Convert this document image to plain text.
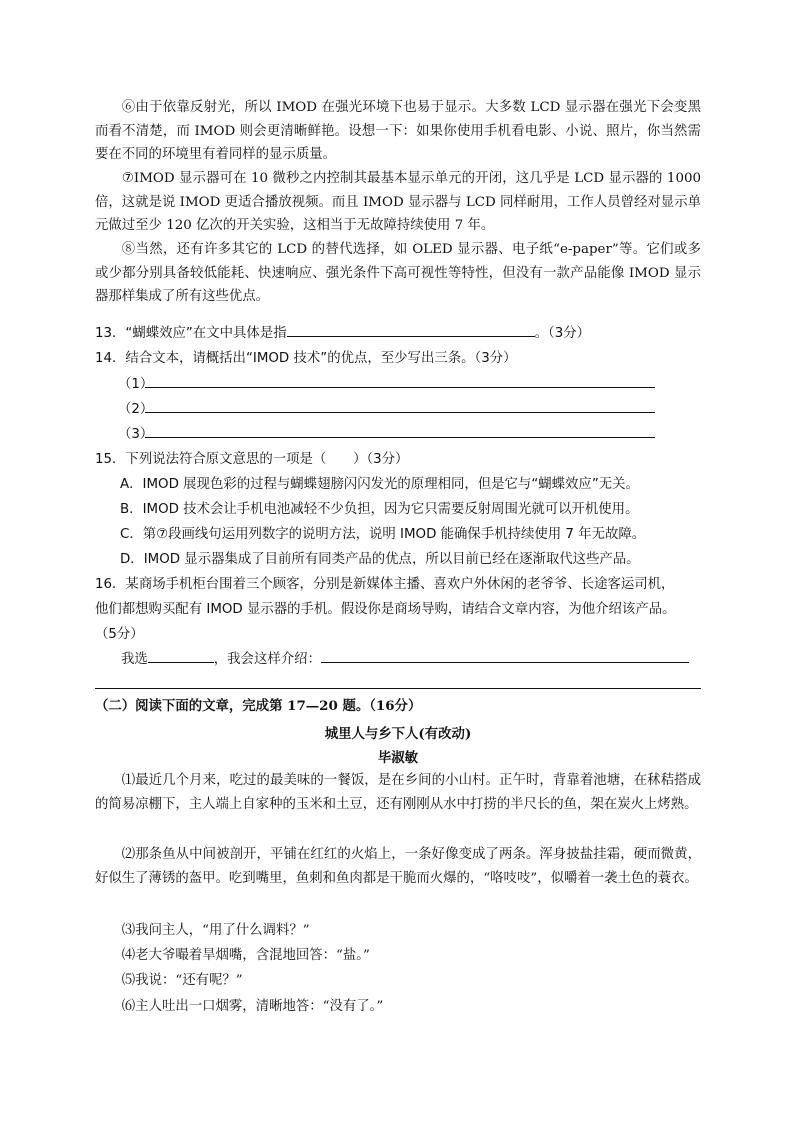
⑥由于依靠反射光，所以 IMOD 在强光环境下也易于显示。大多数 LCD 显示器在强光下会变黑而看不清楚，而 IMOD 则会更清晰鲜艳。设想一下：如果你使用手机看电影、小说、照片，你当然需要在不同的环境里有着同样的显示质量。

⑦IMOD 显示器可在 10 微秒之内控制其最基本显示单元的开闭，这几乎是 LCD 显示器的 1000 倍，这就是说 IMOD 更适合播放视频。而且 IMOD 显示器与 LCD 同样耐用，工作人员曾经对显示单元做过至少 120 亿次的开关实验，这相当于无故障持续使用 7 年。

⑧当然，还有许多其它的 LCD 的替代选择，如 OLED 显示器、电子纸“e-paper”等。它们或多或少都分别具备较低能耗、快速响应、强光条件下高可视性等特性，但没有一款产品能像 IMOD 显示器那样集成了所有这些优点。

13．“蝴蝶效应”在文中具体是指	。（3分）

14．结合文本，请概括出“IMOD 技术”的优点，至少写出三条。（3分）

（1）
（2）
（3）

15．下列说法符合原文意思的一项是（　　）（3分）

A．IMOD 展现色彩的过程与蝴蝶翅膀闪闪发光的原理相同，但是它与“蝴蝶效应”无关。

B．IMOD 技术会让手机电池减轻不少负担，因为它只需要反射周围光就可以开机使用。

C．第⑦段画线句运用列数字的说明方法，说明 IMOD 能确保手机持续使用 7 年无故障。

D．IMOD 显示器集成了目前所有同类产品的优点，所以目前已经在逐渐取代这些产品。

16．某商场手机柜台围着三个顾客，分别是新媒体主播、喜欢户外休闲的老爷爷、长途客运司机，

他们都想购买配有 IMOD 显示器的手机。假设你是商场导购，请结合文章内容，为他介绍该产品。

（5分）

我选	，我会这样介绍：

（二）阅读下面的文章，完成第 17—20 题。（16分）

城里人与乡下人(有改动)
毕淑敏

⑴最近几个月来，吃过的最美味的一餐饭，是在乡间的小山村。正午时，背靠着池塘，在秫秸搭成的简易凉棚下，主人端上自家种的玉米和土豆，还有刚刚从水中打捞的半尺长的鱼，架在炭火上烤熟。

⑵那条鱼从中间被剖开，平铺在红红的火焰上，一条好像变成了两条。浑身披盐挂霜，硬而微黄，好似生了薄锈的盔甲。吃到嘴里，鱼刺和鱼肉都是干脆而火爆的，“咯吱吱”，似嚼着一袭土色的蓑衣。

⑶我问主人，“用了什么调料？”

⑷老大爷嘬着旱烟嘴，含混地回答：“盐。”

⑸我说：“还有呢？”

⑹主人吐出一口烟雾，清晰地答：“没有了。”
